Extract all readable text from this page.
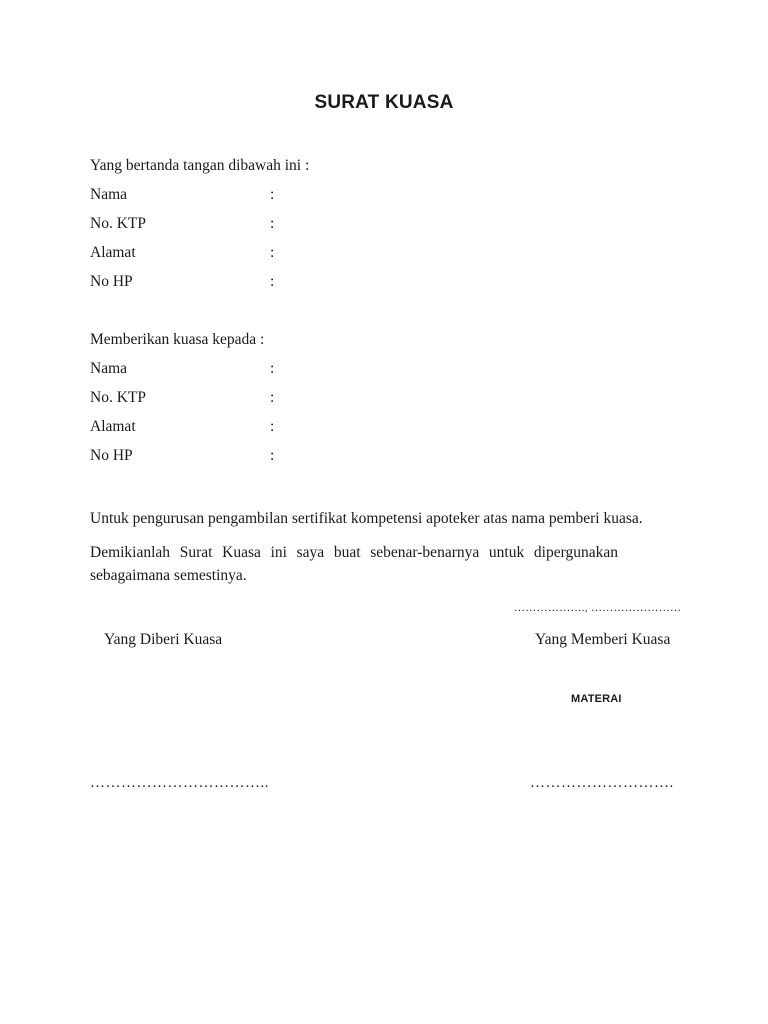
SURAT KUASA
Yang bertanda tangan dibawah ini :
Nama	:
No. KTP	:
Alamat	:
No HP	:
Memberikan kuasa kepada :
Nama	:
No. KTP	:
Alamat	:
No HP	:
Untuk pengurusan pengambilan sertifikat kompetensi apoteker atas nama pemberi kuasa.
Demikianlah Surat Kuasa ini saya buat sebenar-benarnya untuk dipergunakan
sebagaimana semestinya.
………………., ……………………
Yang Diberi Kuasa	Yang Memberi Kuasa
MATERAI
……………………………..	……………………….
